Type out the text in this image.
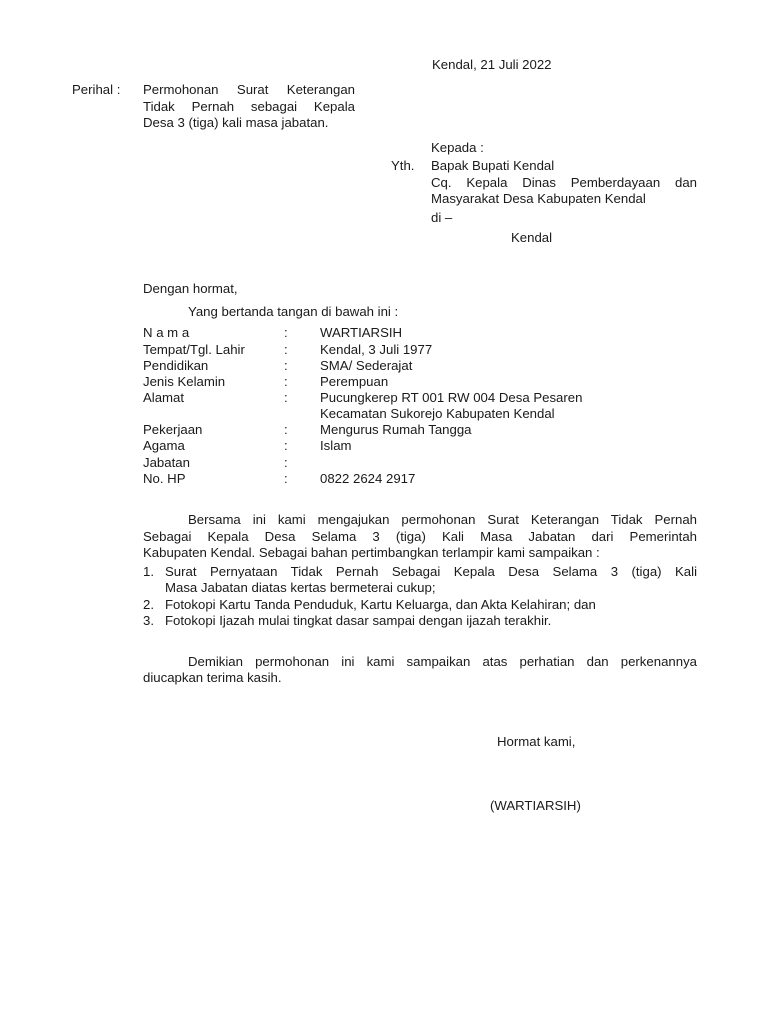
Kendal, 21 Juli 2022
Perihal : Permohonan Surat Keterangan
Tidak Pernah sebagai Kepala
Desa 3 (tiga) kali masa jabatan.
Kepada :
Yth. Bapak Bupati Kendal
Cq. Kepala Dinas Pemberdayaan dan
Masyarakat Desa Kabupaten Kendal
di –
Kendal
Dengan hormat,
Yang bertanda tangan di bawah ini :
N a m a	: WARTIARSIH
Tempat/Tgl. Lahir	: Kendal, 3 Juli 1977
Pendidikan	: SMA/ Sederajat
Jenis Kelamin	: Perempuan
Alamat	: Pucungkerep RT 001 RW 004 Desa Pesaren
Kecamatan Sukorejo Kabupaten Kendal
Pekerjaan	: Mengurus Rumah Tangga
Agama	: Islam
Jabatan	:
No. HP	: 0822 2624 2917
Bersama ini kami mengajukan permohonan Surat Keterangan Tidak Pernah
Sebagai Kepala Desa Selama 3 (tiga) Kali Masa Jabatan dari Pemerintah
Kabupaten Kendal. Sebagai bahan pertimbangkan terlampir kami sampaikan :
1. Surat Pernyataan Tidak Pernah Sebagai Kepala Desa Selama 3 (tiga) Kali
Masa Jabatan diatas kertas bermeterai cukup;
2. Fotokopi Kartu Tanda Penduduk, Kartu Keluarga, dan Akta Kelahiran; dan
3. Fotokopi Ijazah mulai tingkat dasar sampai dengan ijazah terakhir.
Demikian permohonan ini kami sampaikan atas perhatian dan perkenannya
diucapkan terima kasih.
Hormat kami,
(WARTIARSIH)
